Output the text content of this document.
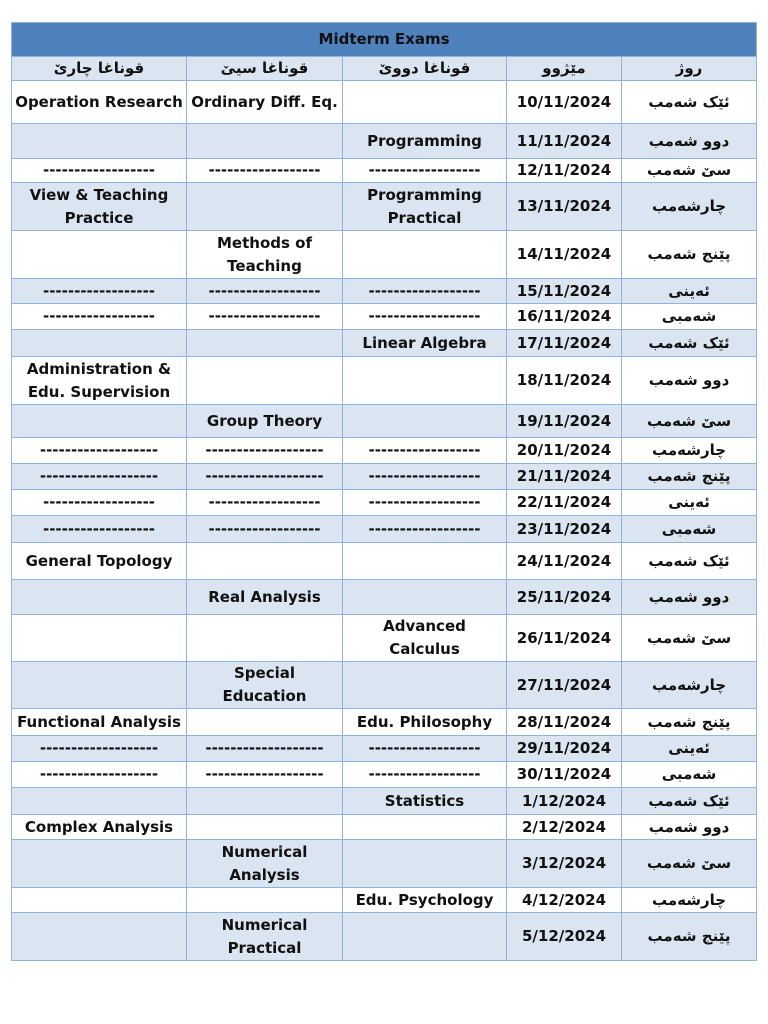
Midterm Exams				
قوناغا چارێ	قوناغا سيێ	قوناغا دووێ	مێژوو	روژ
Operation Research	Ordinary Diff. Eq.		10/11/2024	ئێک شەمب
		Programming	11/11/2024	دوو شەمب
------------------	------------------	------------------	12/11/2024	سێ شەمب
View & Teaching Practice		Programming Practical	13/11/2024	چارشەمب
	Methods of Teaching		14/11/2024	پێنج شەمب
------------------	------------------	------------------	15/11/2024	ئەینی
------------------	------------------	------------------	16/11/2024	شەمبی
		Linear Algebra	17/11/2024	ئێک شەمب
Administration & Edu. Supervision			18/11/2024	دوو شەمب
	Group Theory		19/11/2024	سێ شەمب
-------------------	-------------------	------------------	20/11/2024	چارشەمب
-------------------	-------------------	------------------	21/11/2024	پێنج شەمب
------------------	------------------	------------------	22/11/2024	ئەینی
------------------	------------------	------------------	23/11/2024	شەمبی
General Topology			24/11/2024	ئێک شەمب
	Real Analysis		25/11/2024	دوو شەمب
		Advanced Calculus	26/11/2024	سێ شەمب
	Special Education		27/11/2024	چارشەمب
Functional Analysis		Edu. Philosophy	28/11/2024	پێنج شەمب
-------------------	-------------------	------------------	29/11/2024	ئەینی
-------------------	-------------------	------------------	30/11/2024	شەمبی
		Statistics	1/12/2024	ئێک شەمب
Complex Analysis			2/12/2024	دوو شەمب
	Numerical Analysis		3/12/2024	سێ شەمب
		Edu. Psychology	4/12/2024	چارشەمب
	Numerical Practical		5/12/2024	پێنج شەمب
